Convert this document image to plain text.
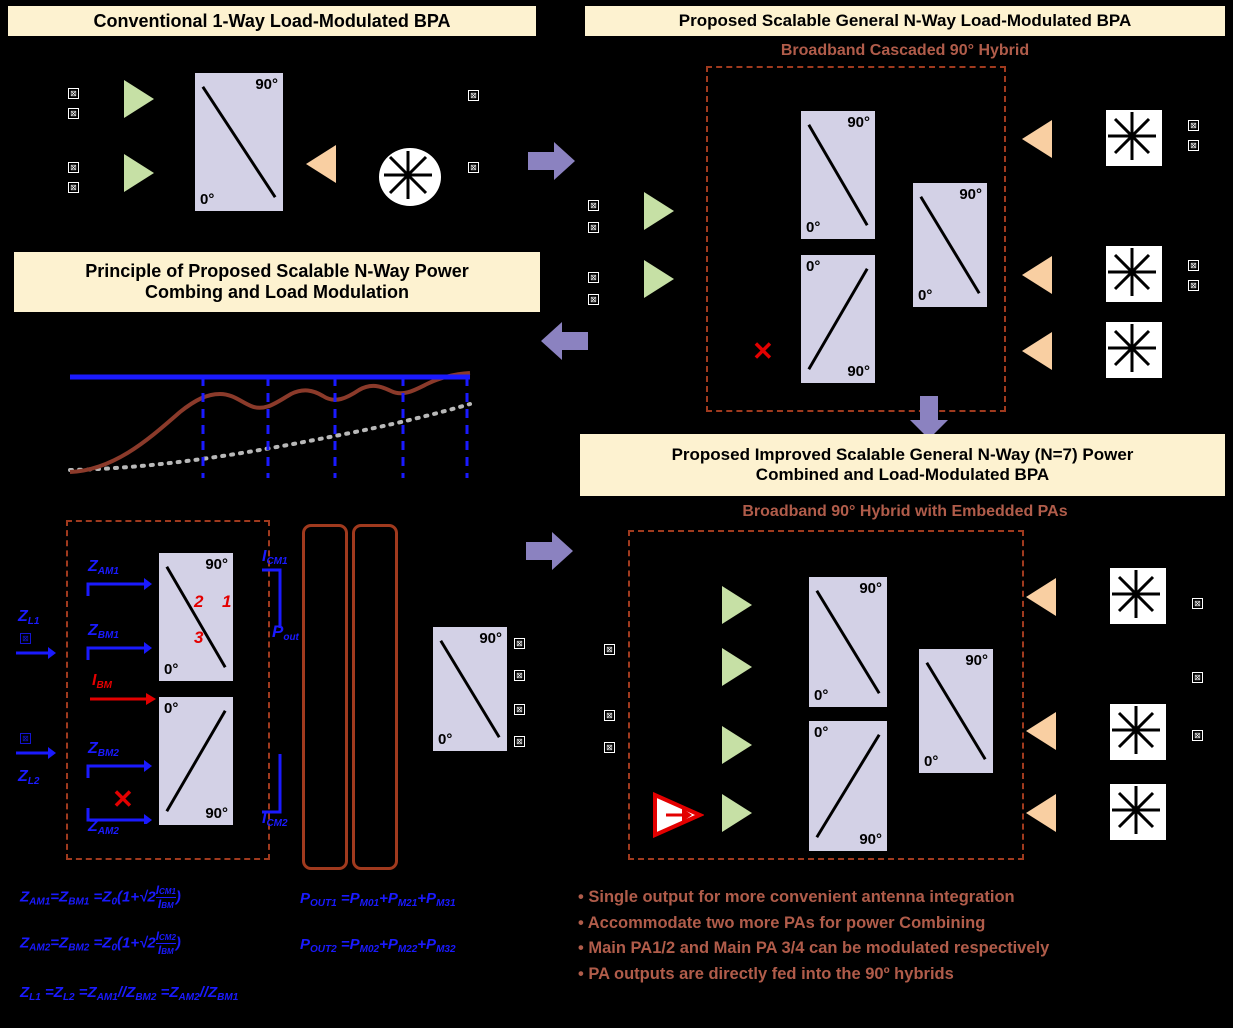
Conventional 1-Way Load-Modulated BPA
⊠
⊠
⊠
⊠
90°
0°
⊠
⊠
Proposed Scalable General N-Way Load-Modulated BPA
Broadband Cascaded 90° Hybrid
⊠
⊠
⊠
⊠
90°
0°
0°
90°
90°
0°
✕
⊠
⊠
⊠
⊠
Principle of Proposed Scalable N-Way Power
Combing and Load Modulation
$Z_{L1}$
⊠
⊠
$Z_{L2}$
$Z_{AM1}$
$Z_{BM1}$
$I_{BM}$
$Z_{BM2}$
✕
$Z_{AM2}$
90°
0°
2 1
3
0°
90°
$I_{CM1}$
$P_{out}$
$I_{CM2}$
90°
0°
⊠
⊠
⊠
⊠
$Z_{AM1}=Z_{BM1} =Z_0(1+√2ICM1$

IBM )
$Z_{AM2}=Z_{BM2} =Z_0(1+√2ICM2$

IBM )
$Z_{L1} =Z_{L2} =Z_{AM1}//Z_{BM2} =Z_{AM2}//Z_{BM1}$
$P_{OUT1} =P_{M01}+P_{M21}+P_{M31}$
$P_{OUT2} =P_{M02}+P_{M22}+P_{M32}$
Proposed Improved Scalable General N-Way (N=7) Power
Combined and Load-Modulated BPA
Broadband 90° Hybrid with Embedded PAs
⊠
⊠
⊠
90°
0°
0°
90°
90°
0°
⊠
⊠
⊠
• Single output for more convenient antenna integration
• Accommodate two more PAs for power Combining
• Main PA1/2 and Main PA 3/4 can be modulated respectively
• PA outputs are directly fed into the 90º hybrids
